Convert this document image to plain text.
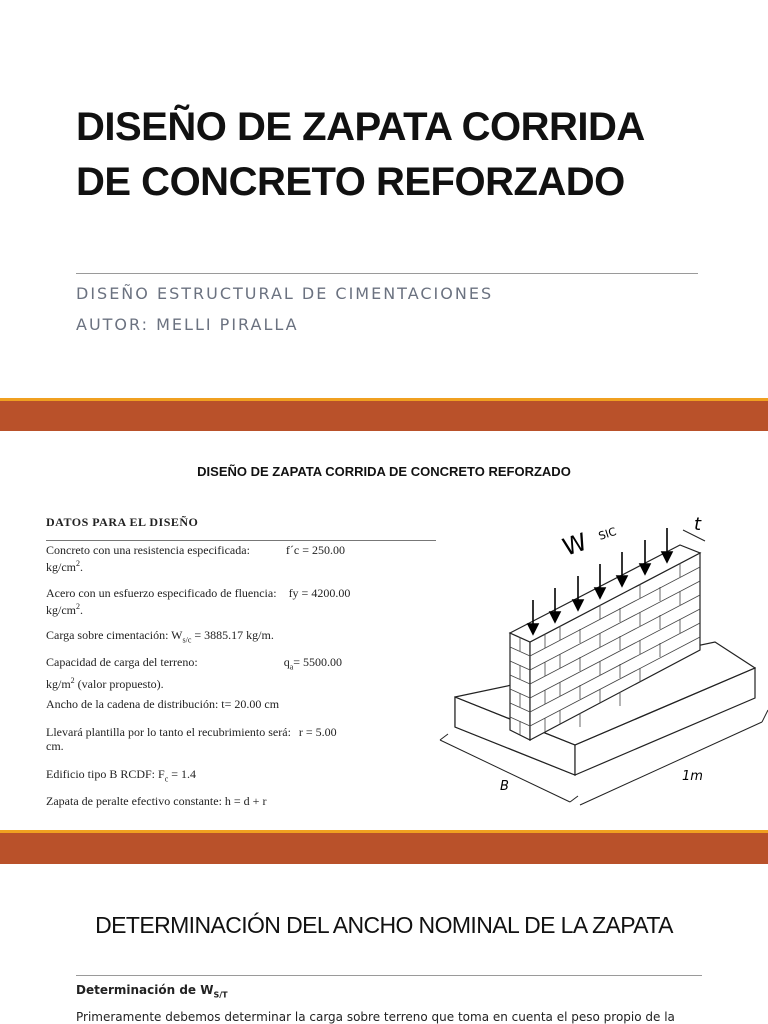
DISEÑO DE ZAPATA CORRIDA
DE CONCRETO REFORZADO
DISEÑO ESTRUCTURAL DE CIMENTACIONES
AUTOR: MELLI PIRALLA
DISEÑO DE ZAPATA CORRIDA DE CONCRETO REFORZADO
DATOS PARA EL DISEÑO
Concreto con una resistencia especificada:	f´c = 250.00
$kg/cm^2$.
Acero con un esfuerzo especificado de fluencia: fy = 4200.00
$kg/cm^2$.
Carga sobre cimentación: $W_{s/c} = 3885.17$ kg/m.
Capacidad de carga del terreno:	$q_a= 5500.00$
$kg/m^2$ (valor propuesto).
Ancho de la cadena de distribución: t= 20.00 cm
Llevará plantilla por lo tanto el recubrimiento será: r = 5.00
cm.
Edificio tipo B RCDF: $F_c = 1.4$
Zapata de peralte efectivo constante: h = d + r
W SIC	t
B
1m
DETERMINACIÓN DEL ANCHO NOMINAL DE LA ZAPATA
Determinación de $W_{S/T}$
Primeramente debemos determinar la carga sobre terreno que toma en cuenta el peso propio de la
